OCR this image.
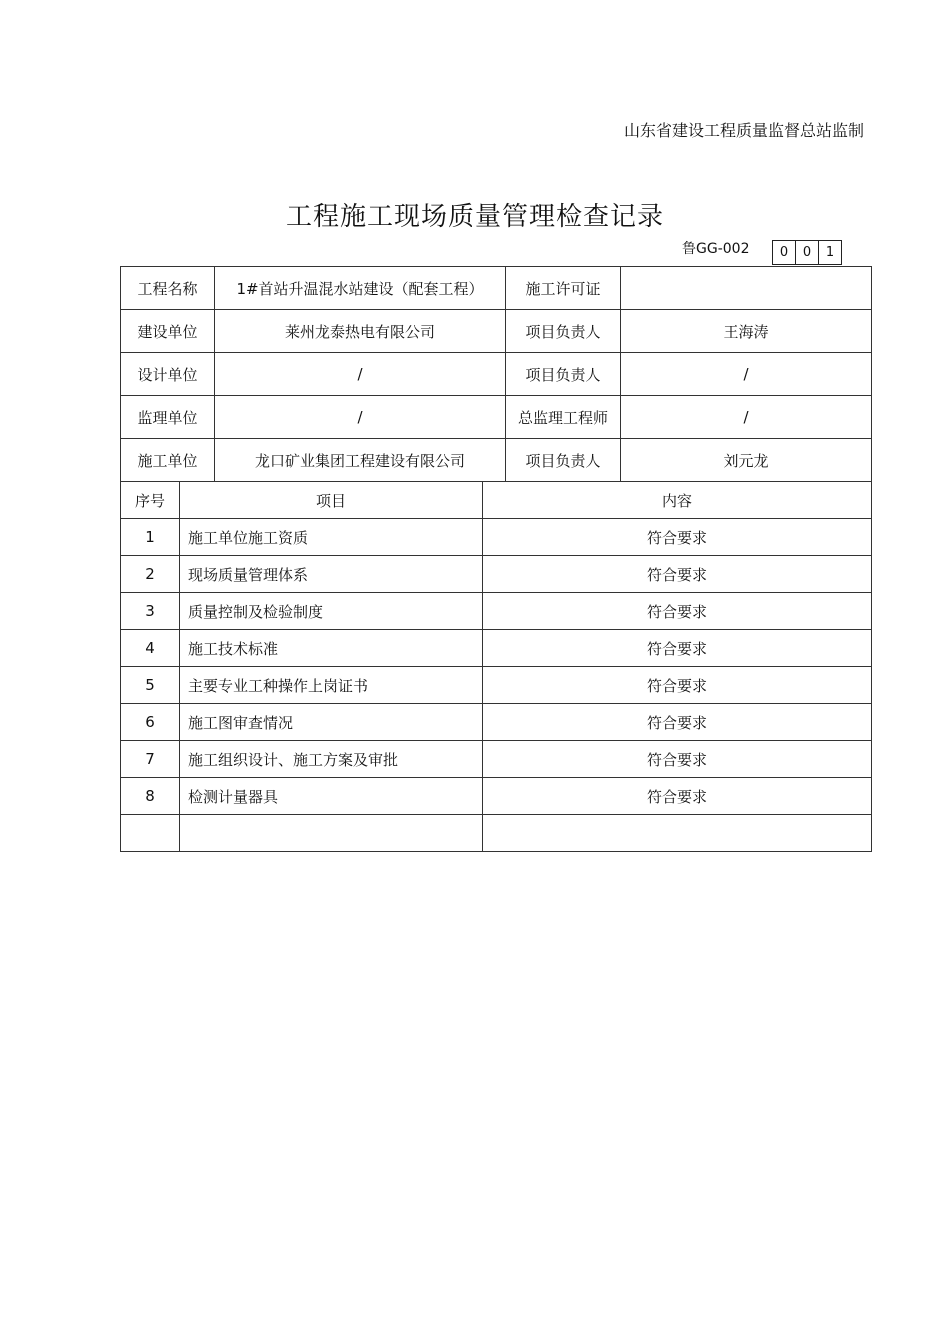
山东省建设工程质量监督总站监制
工程施工现场质量管理检查记录
鲁GG-002	0	0	1
工程名称	1#首站升温混水站建设（配套工程）	施工许可证	
建设单位	莱州龙泰热电有限公司	项目负责人	王海涛
设计单位	/	项目负责人	/
监理单位	/	总监理工程师	/
施工单位	龙口矿业集团工程建设有限公司	项目负责人	刘元龙
序号	项目	内容
1	施工单位施工资质	符合要求
2	现场质量管理体系	符合要求
3	质量控制及检验制度	符合要求
4	施工技术标准	符合要求
5	主要专业工种操作上岗证书	符合要求
6	施工图审查情况	符合要求
7	施工组织设计、施工方案及审批	符合要求
8	检测计量器具	符合要求
